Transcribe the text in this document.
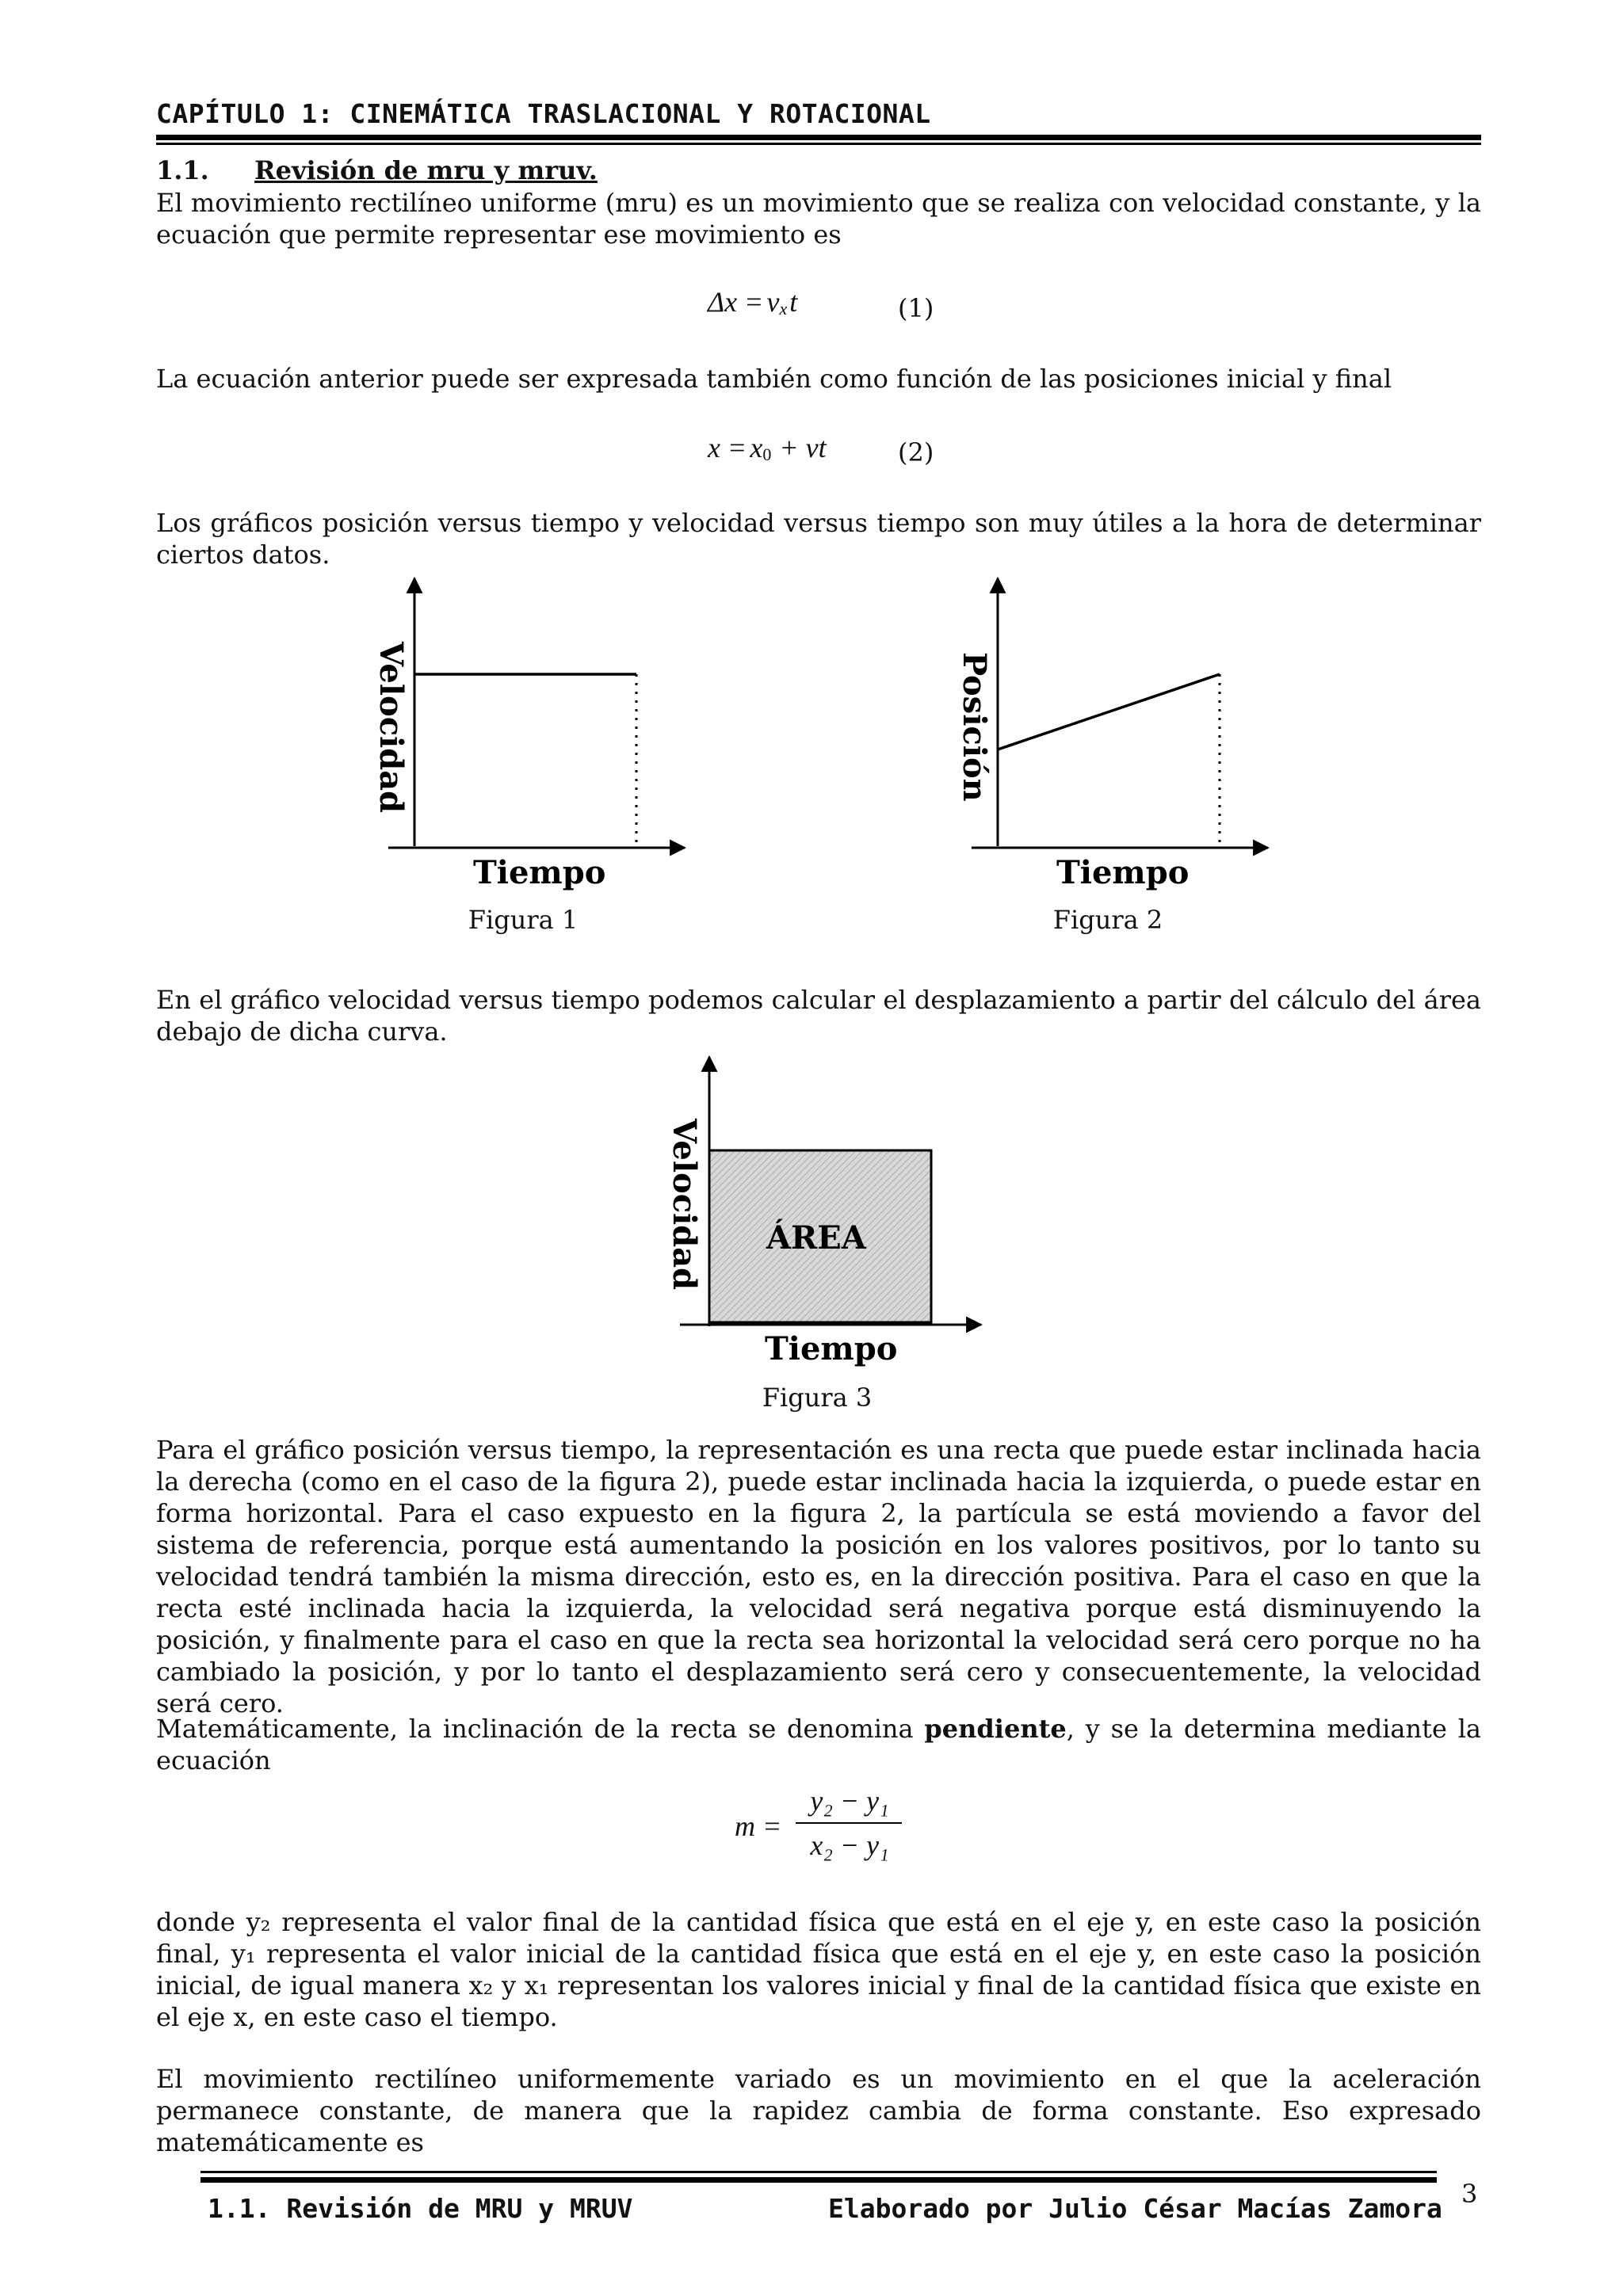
CAPÍTULO 1: CINEMÁTICA TRASLACIONAL Y ROTACIONAL
1.1. Revisión de mru y mruv.
El movimiento rectilíneo uniforme (mru) es un movimiento que se realiza con velocidad constante, y la ecuación que permite representar ese movimiento es
$\Delta x = v_xt$	(1)
La ecuación anterior puede ser expresada también como función de las posiciones inicial y final
$x = x_0$ + vt	(2)
Los gráficos posición versus tiempo y velocidad versus tiempo son muy útiles a la hora de determinar ciertos datos.
Velocidad
Tiempo
Figura 1
Posición
Tiempo
Figura 2
En el gráfico velocidad versus tiempo podemos calcular el desplazamiento a partir del cálculo del área debajo de dicha curva.
Velocidad ÁREA
Tiempo
Figura 3
Para el gráfico posición versus tiempo, la representación es una recta que puede estar inclinada hacia la derecha (como en el caso de la figura 2), puede estar inclinada hacia la izquierda, o puede estar en forma horizontal. Para el caso expuesto en la figura 2, la partícula se está moviendo a favor del sistema de referencia, porque está aumentando la posición en los valores positivos, por lo tanto su velocidad tendrá también la misma dirección, esto es, en la dirección positiva. Para el caso en que la recta esté inclinada hacia la izquierda, la velocidad será negativa porque está disminuyendo la posición, y finalmente para el caso en que la recta sea horizontal la velocidad será cero porque no ha cambiado la posición, y por lo tanto el desplazamiento será cero y consecuentemente, la velocidad será cero.
Matemáticamente, la inclinación de la recta se denomina pendiente, y se la determina mediante la ecuación
m =
y₂ − y₁
x₂ − y₁
donde y₂ representa el valor final de la cantidad física que está en el eje y, en este caso la posición final, y₁ representa el valor inicial de la cantidad física que está en el eje y, en este caso la posición inicial, de igual manera x₂ y x₁ representan los valores inicial y final de la cantidad física que existe en el eje x, en este caso el tiempo.
El movimiento rectilíneo uniformemente variado es un movimiento en el que la aceleración permanece constante, de manera que la rapidez cambia de forma constante. Eso expresado matemáticamente es
1.1. Revisión de MRU y MRUV	Elaborado por Julio César Macías Zamora 3
